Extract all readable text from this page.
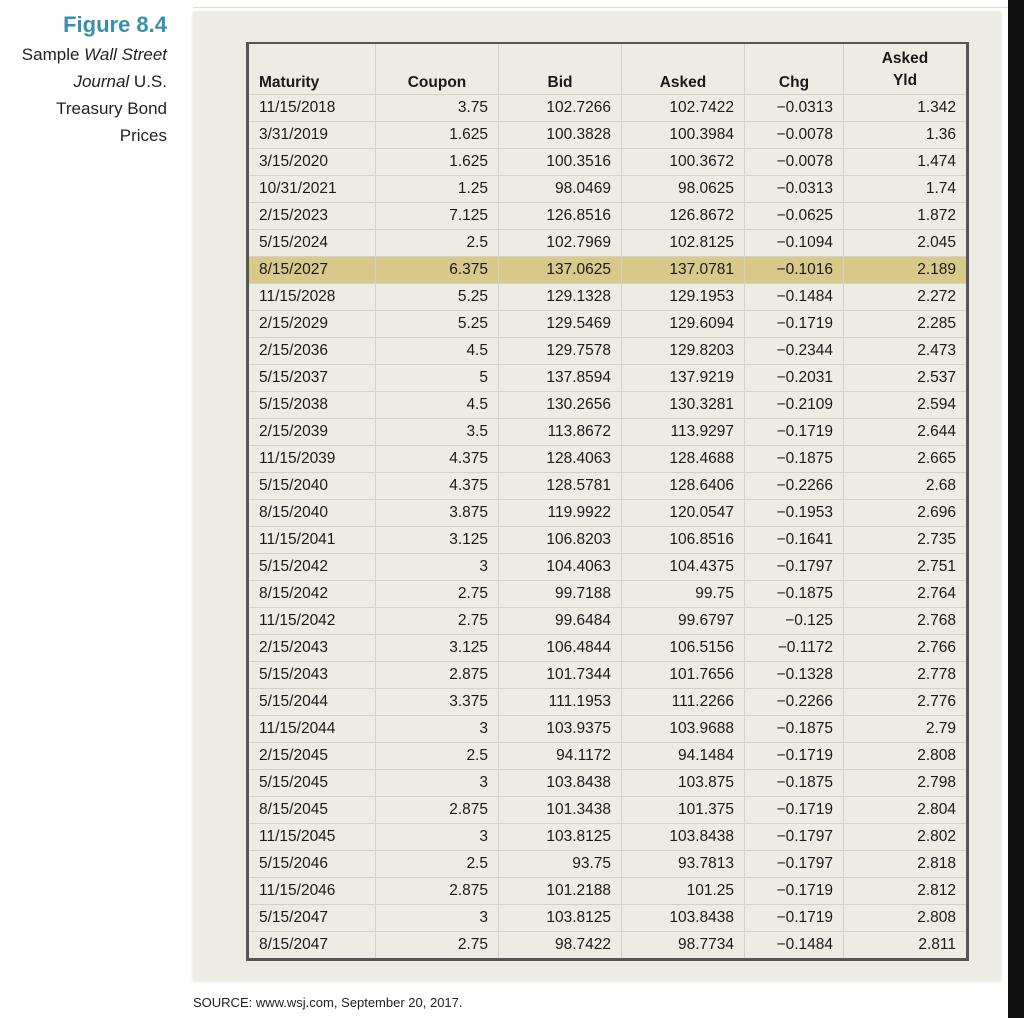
Figure 8.4
Sample Wall Street
Journal U.S.
Treasury Bond
Prices
Maturity	Coupon	Bid	Asked	Chg	Asked
Yld
11/15/2018	3.75	102.7266	102.7422	−0.0313	1.342
3/31/2019	1.625	100.3828	100.3984	−0.0078	1.36
3/15/2020	1.625	100.3516	100.3672	−0.0078	1.474
10/31/2021	1.25	98.0469	98.0625	−0.0313	1.74
2/15/2023	7.125	126.8516	126.8672	−0.0625	1.872
5/15/2024	2.5	102.7969	102.8125	−0.1094	2.045
8/15/2027	6.375	137.0625	137.0781	−0.1016	2.189
11/15/2028	5.25	129.1328	129.1953	−0.1484	2.272
2/15/2029	5.25	129.5469	129.6094	−0.1719	2.285
2/15/2036	4.5	129.7578	129.8203	−0.2344	2.473
5/15/2037	5	137.8594	137.9219	−0.2031	2.537
5/15/2038	4.5	130.2656	130.3281	−0.2109	2.594
2/15/2039	3.5	113.8672	113.9297	−0.1719	2.644
11/15/2039	4.375	128.4063	128.4688	−0.1875	2.665
5/15/2040	4.375	128.5781	128.6406	−0.2266	2.68
8/15/2040	3.875	119.9922	120.0547	−0.1953	2.696
11/15/2041	3.125	106.8203	106.8516	−0.1641	2.735
5/15/2042	3	104.4063	104.4375	−0.1797	2.751
8/15/2042	2.75	99.7188	99.75	−0.1875	2.764
11/15/2042	2.75	99.6484	99.6797	−0.125	2.768
2/15/2043	3.125	106.4844	106.5156	−0.1172	2.766
5/15/2043	2.875	101.7344	101.7656	−0.1328	2.778
5/15/2044	3.375	111.1953	111.2266	−0.2266	2.776
11/15/2044	3	103.9375	103.9688	−0.1875	2.79
2/15/2045	2.5	94.1172	94.1484	−0.1719	2.808
5/15/2045	3	103.8438	103.875	−0.1875	2.798
8/15/2045	2.875	101.3438	101.375	−0.1719	2.804
11/15/2045	3	103.8125	103.8438	−0.1797	2.802
5/15/2046	2.5	93.75	93.7813	−0.1797	2.818
11/15/2046	2.875	101.2188	101.25	−0.1719	2.812
5/15/2047	3	103.8125	103.8438	−0.1719	2.808
8/15/2047	2.75	98.7422	98.7734	−0.1484	2.811
SOURCE: www.wsj.com, September 20, 2017.
